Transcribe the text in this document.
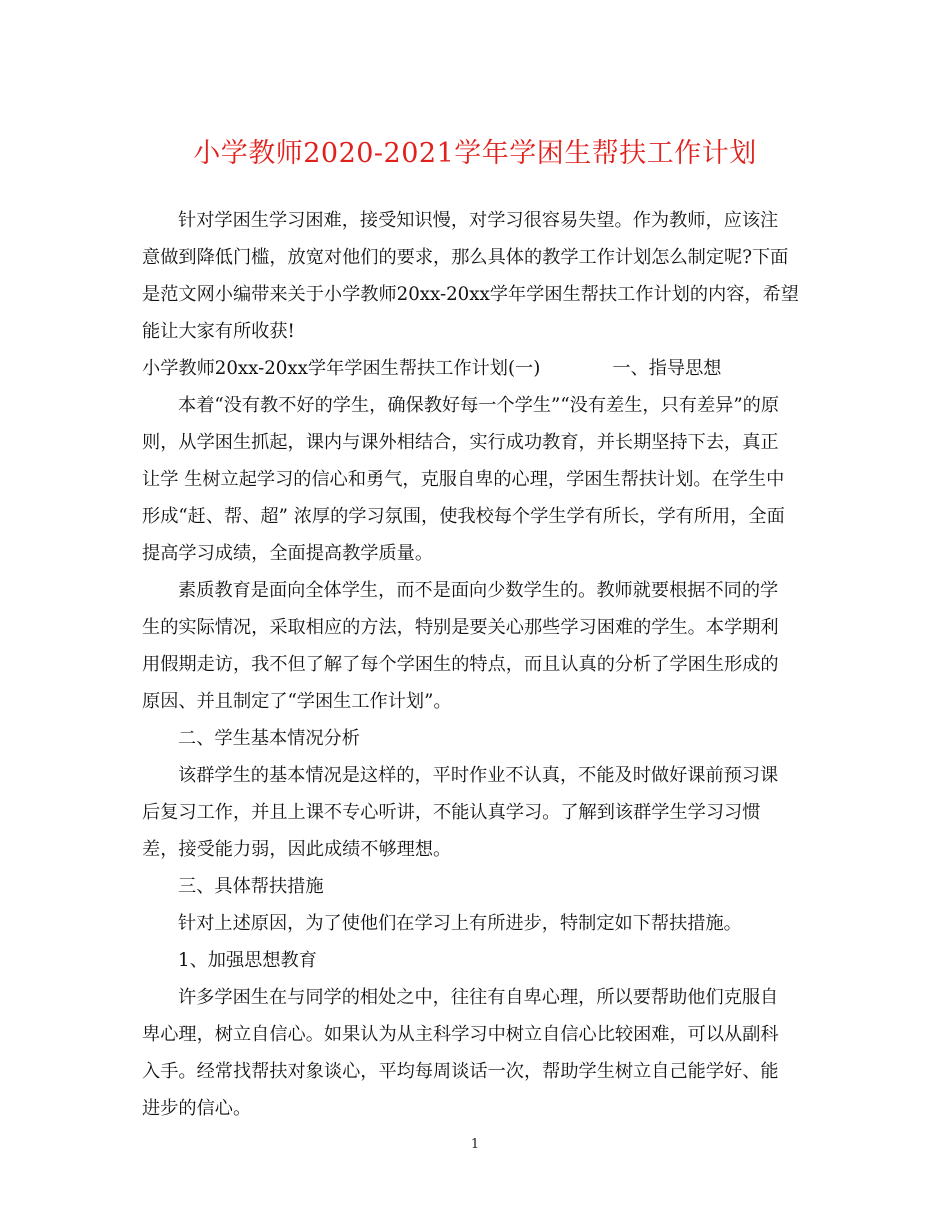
小学教师2020-2021学年学困生帮扶工作计划
针对学困生学习困难，接受知识慢，对学习很容易失望。作为教师，应该注
意做到降低门槛，放宽对他们的要求，那么具体的教学工作计划怎么制定呢?下面
是范文网小编带来关于小学教师20xx-20xx学年学困生帮扶工作计划的内容，希望
能让大家有所收获!
小学教师20xx-20xx学年学困生帮扶工作计划(一)	一、指导思想
本着“没有教不好的学生，确保教好每一个学生”“没有差生，只有差异”的原
则，从学困生抓起，课内与课外相结合，实行成功教育，并长期坚持下去，真正
让学 生树立起学习的信心和勇气，克服自卑的心理，学困生帮扶计划。在学生中
形成“赶、帮、超” 浓厚的学习氛围，使我校每个学生学有所长，学有所用，全面
提高学习成绩，全面提高教学质量。
素质教育是面向全体学生，而不是面向少数学生的。教师就要根据不同的学
生的实际情况，采取相应的方法，特别是要关心那些学习困难的学生。本学期利
用假期走访，我不但了解了每个学困生的特点，而且认真的分析了学困生形成的
原因、并且制定了“学困生工作计划”。
二、学生基本情况分析
该群学生的基本情况是这样的，平时作业不认真，不能及时做好课前预习课
后复习工作，并且上课不专心听讲，不能认真学习。了解到该群学生学习习惯
差，接受能力弱，因此成绩不够理想。
三、具体帮扶措施
针对上述原因，为了使他们在学习上有所进步，特制定如下帮扶措施。
1、加强思想教育
许多学困生在与同学的相处之中，往往有自卑心理，所以要帮助他们克服自
卑心理，树立自信心。如果认为从主科学习中树立自信心比较困难，可以从副科
入手。经常找帮扶对象谈心，平均每周谈话一次，帮助学生树立自己能学好、能
进步的信心。
1
